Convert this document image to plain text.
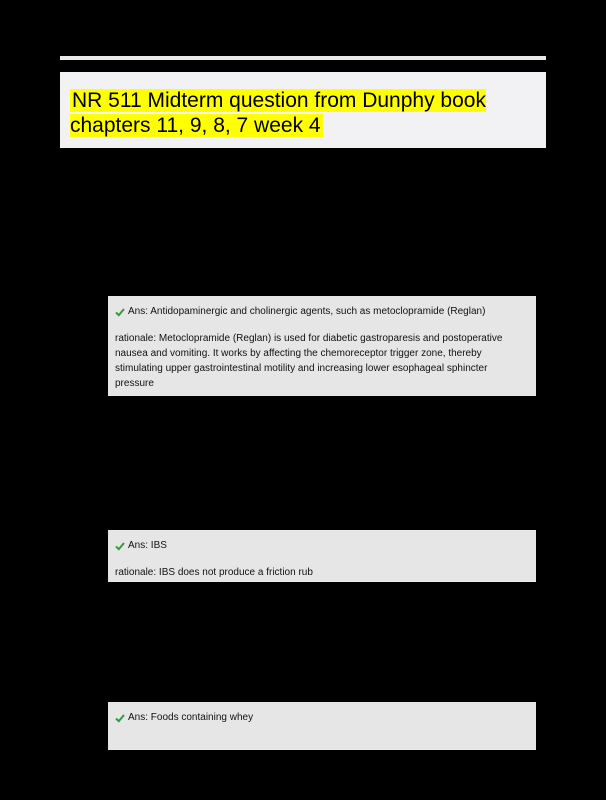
NR 511 Midterm question from Dunphy book chapters 11, 9, 8, 7 week 4

Ans: Antidopaminergic and cholinergic agents, such as metoclopramide (Reglan)
rationale: Metoclopramide (Reglan) is used for diabetic gastroparesis and postoperative nausea and vomiting. It works by affecting the chemoreceptor trigger zone, thereby stimulating upper gastrointestinal motility and increasing lower esophageal sphincter pressure
Ans: IBS
rationale: IBS does not produce a friction rub
Ans: Foods containing whey
